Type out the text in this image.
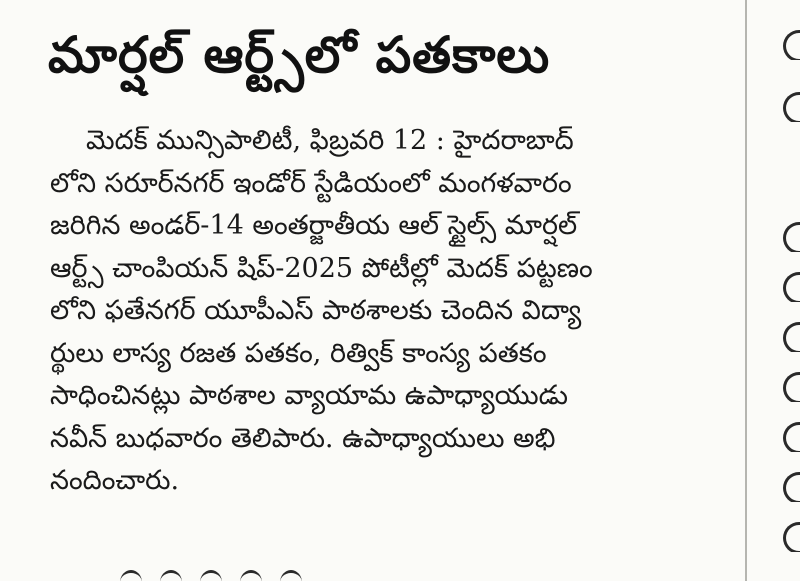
మార్షల్ ఆర్ట్స్‌లో పతకాలు
మెదక్ మున్సిపాలిటీ, ఫిబ్రవరి 12 : హైదరాబాద్
లోని సరూర్‌నగర్ ఇండోర్ స్టేడియంలో మంగళవారం
జరిగిన అండర్-14 అంతర్జాతీయ ఆల్ స్టైల్స్ మార్షల్
ఆర్ట్స్ చాంపియన్ షిప్-2025 పోటీల్లో మెదక్ పట్టణం
లోని ఫతేనగర్ యూపీఎస్ పాఠశాలకు చెందిన విద్యా
ర్థులు లాస్య రజత పతకం, రిత్విక్ కాంస్య పతకం
సాధించినట్లు పాఠశాల వ్యాయామ ఉపాధ్యాయుడు
నవీన్ బుధవారం తెలిపారు. ఉపాధ్యాయులు అభి
నందించారు.
